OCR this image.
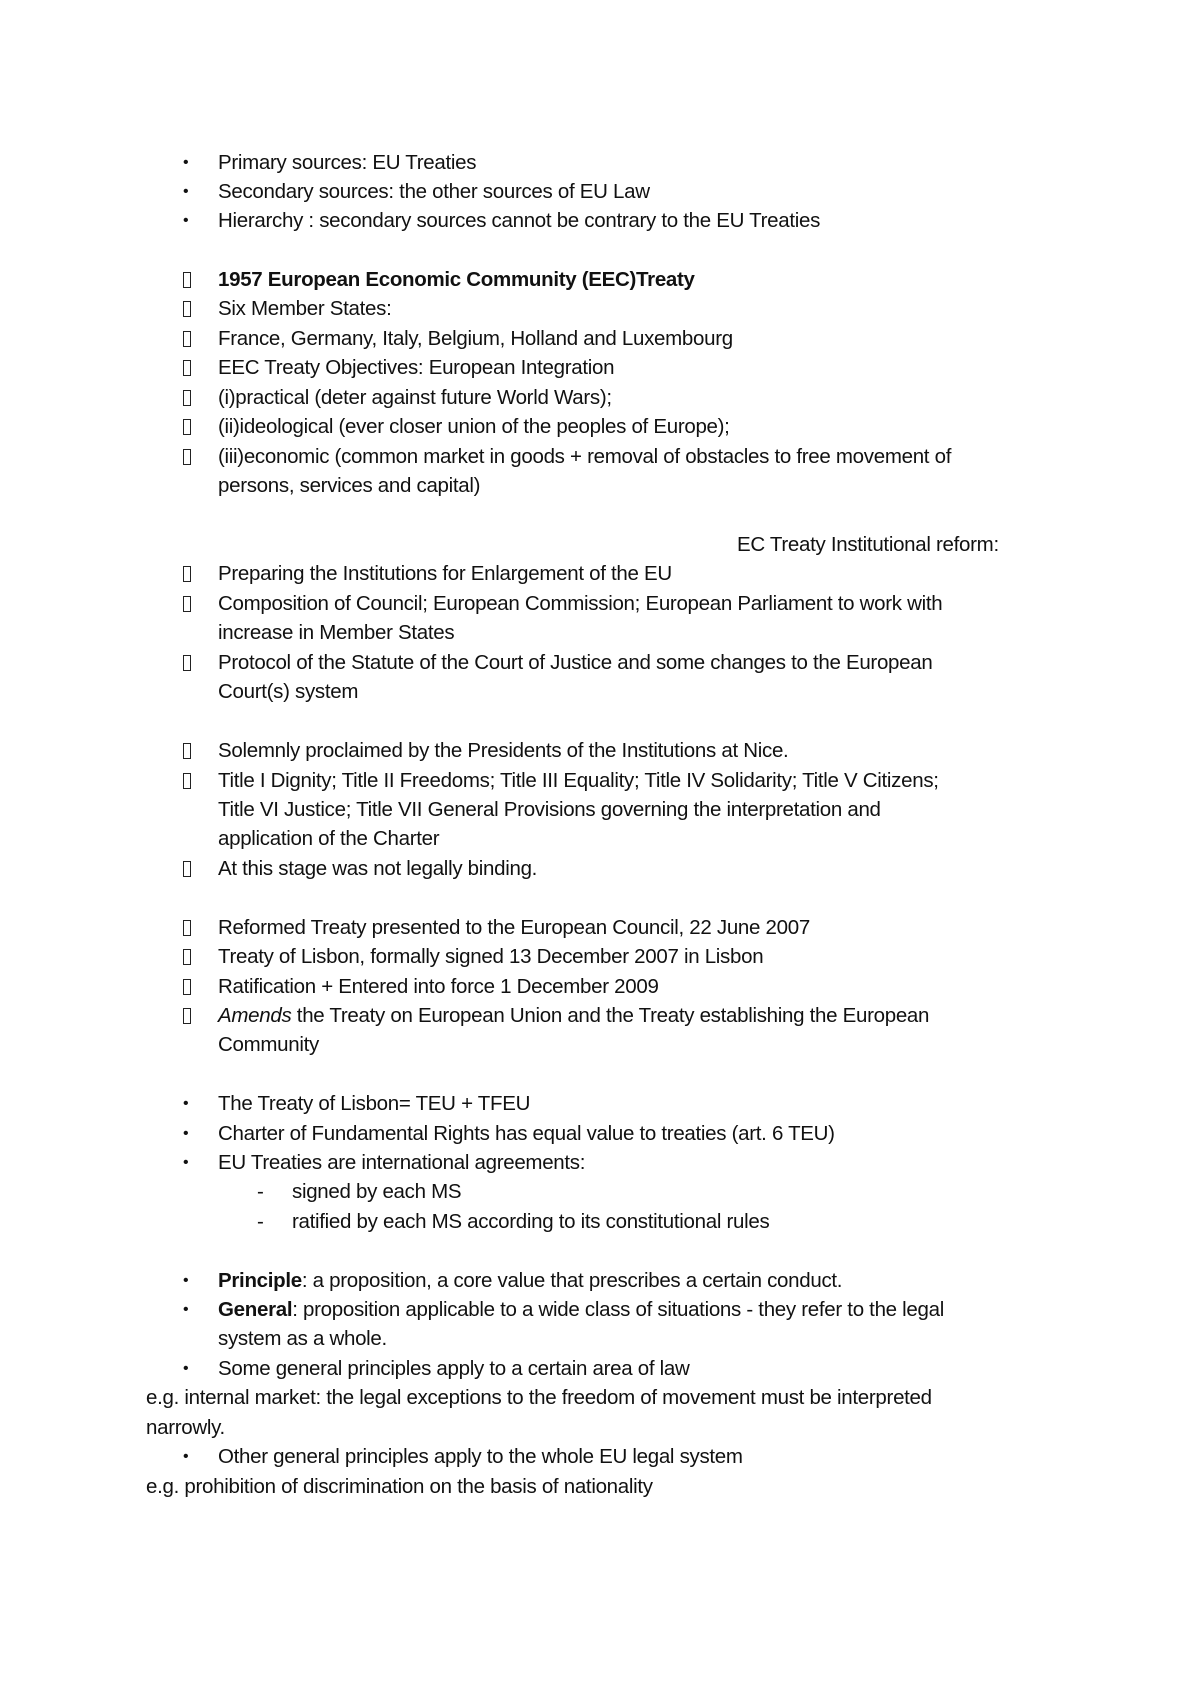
•	Primary sources: EU Treaties
•	Secondary sources: the other sources of EU Law
•	Hierarchy : secondary sources cannot be contrary to the EU Treaties
1957 European Economic Community (EEC)Treaty
Six Member States:
France, Germany, Italy, Belgium, Holland and Luxembourg
EEC Treaty Objectives: European Integration
(i)practical (deter against future World Wars);
(ii)ideological (ever closer union of the peoples of Europe);
(iii)economic (common market in goods + removal of obstacles to free movement of
persons, services and capital)
EC Treaty Institutional reform:
Preparing the Institutions for Enlargement of the EU
Composition of Council; European Commission; European Parliament to work with
increase in Member States
Protocol of the Statute of the Court of Justice and some changes to the European
Court(s) system
Solemnly proclaimed by the Presidents of the Institutions at Nice.
Title I Dignity; Title II Freedoms; Title III Equality; Title IV Solidarity; Title V Citizens;
Title VI Justice; Title VII General Provisions governing the interpretation and
application of the Charter
At this stage was not legally binding.
Reformed Treaty presented to the European Council, 22 June 2007
Treaty of Lisbon, formally signed 13 December 2007 in Lisbon
Ratification + Entered into force 1 December 2009
Amends the Treaty on European Union and the Treaty establishing the European
Community
•	The Treaty of Lisbon= TEU + TFEU
•	Charter of Fundamental Rights has equal value to treaties (art. 6 TEU)
•	EU Treaties are international agreements:
-	signed by each MS
-	ratified by each MS according to its constitutional rules
•	Principle: a proposition, a core value that prescribes a certain conduct.
•	General: proposition applicable to a wide class of situations - they refer to the legal
system as a whole.
•	Some general principles apply to a certain area of law
e.g. internal market: the legal exceptions to the freedom of movement must be interpreted
narrowly.
•	Other general principles apply to the whole EU legal system
e.g. prohibition of discrimination on the basis of nationality
